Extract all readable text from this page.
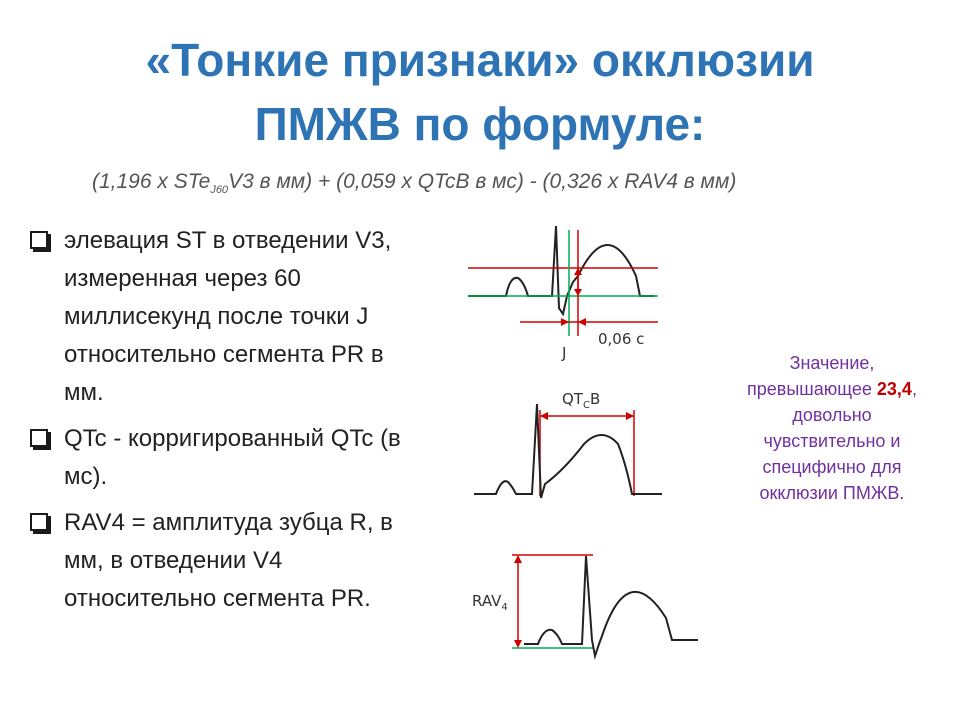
«Тонкие признаки» окклюзии
ПМЖВ по формуле:
(1,196 x STe$_{J60}$V3 в мм) + (0,059 x QTcB в мс) - (0,326 x RAV4 в мм)
элевация ST в отведении V3, измеренная через 60 миллисекунд после точки J относительно сегмента PR в мм.
QTc - корригированный QTc (в мс).
RAV4 = амплитуда зубца R, в мм, в отведении V4 относительно сегмента PR.
0,06 с
J
$QT_CB$
$RAV_4$
Значение, превышающее 23,4, довольно чувствительно и специфично для окклюзии ПМЖВ.
